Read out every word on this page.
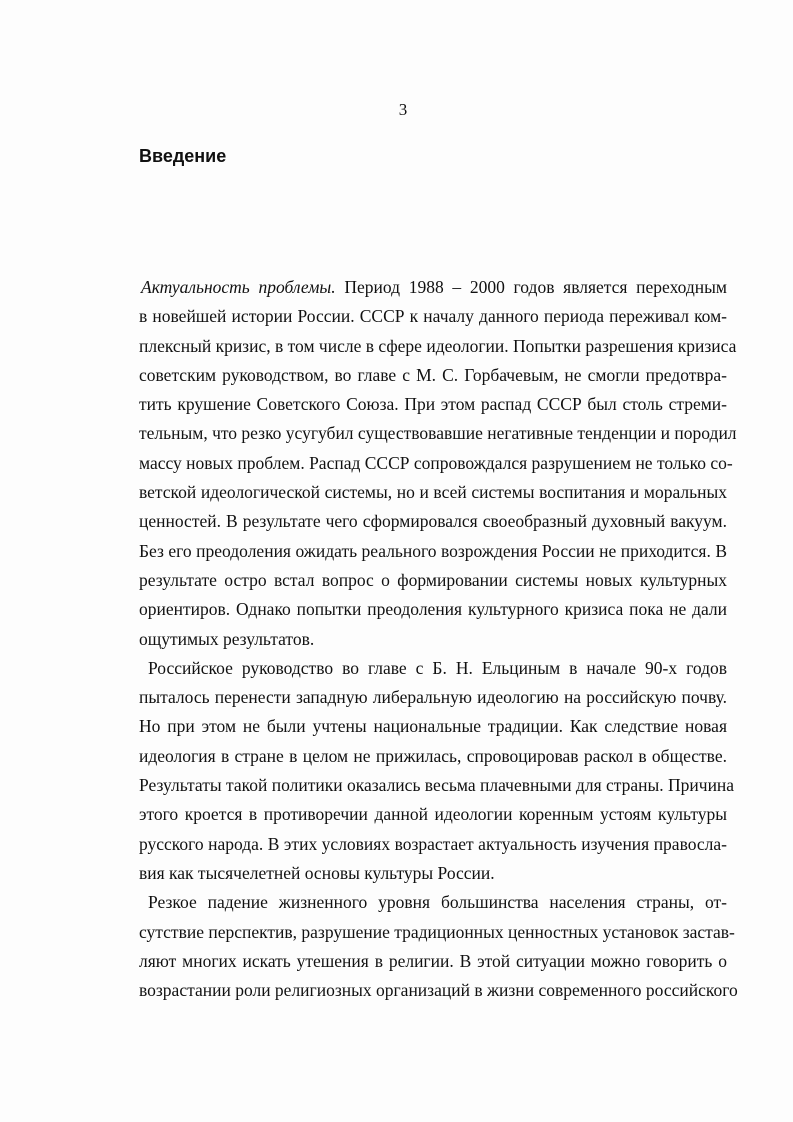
3
Введение
Актуальность проблемы. Период 1988 – 2000 годов является переходным
в новейшей истории России. СССР к началу данного периода переживал ком-
плексный кризис, в том числе в сфере идеологии. Попытки разрешения кризиса
советским руководством, во главе с М. С. Горбачевым, не смогли предотвра-
тить крушение Советского Союза. При этом распад СССР был столь стреми-
тельным, что резко усугубил существовавшие негативные тенденции и породил
массу новых проблем. Распад СССР сопровождался разрушением не только со-
ветской идеологической системы, но и всей системы воспитания и моральных
ценностей. В результате чего сформировался своеобразный духовный вакуум.
Без его преодоления ожидать реального возрождения России не приходится. В
результате остро встал вопрос о формировании системы новых культурных
ориентиров. Однако попытки преодоления культурного кризиса пока не дали
ощутимых результатов.
Российское руководство во главе с Б. Н. Ельциным в начале 90-х годов
пыталось перенести западную либеральную идеологию на российскую почву.
Но при этом не были учтены национальные традиции. Как следствие новая
идеология в стране в целом не прижилась, спровоцировав раскол в обществе.
Результаты такой политики оказались весьма плачевными для страны. Причина
этого кроется в противоречии данной идеологии коренным устоям культуры
русского народа. В этих условиях возрастает актуальность изучения правосла-
вия как тысячелетней основы культуры России.
Резкое падение жизненного уровня большинства населения страны, от-
сутствие перспектив, разрушение традиционных ценностных установок застав-
ляют многих искать утешения в религии. В этой ситуации можно говорить о
возрастании роли религиозных организаций в жизни современного российского
